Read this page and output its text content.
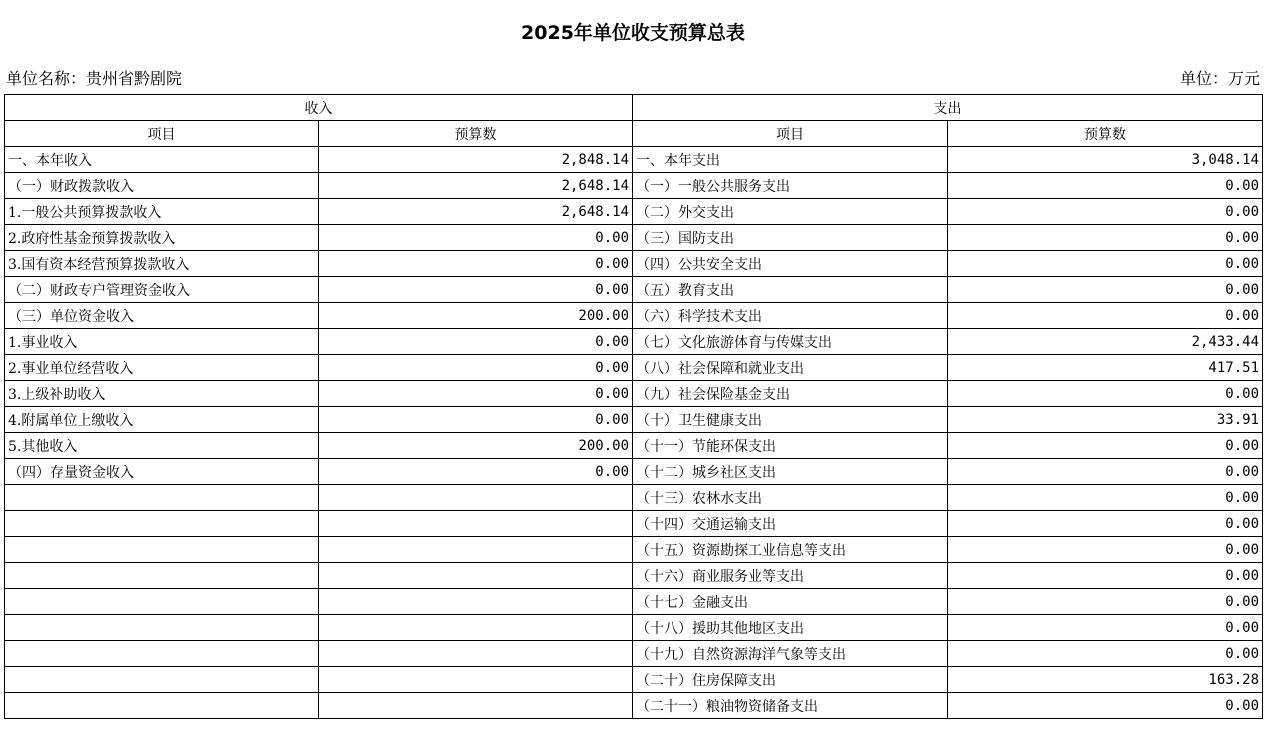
2025年单位收支预算总表
单位名称：贵州省黔剧院	单位：万元
收入		支出	
项目	预算数	项目	预算数
一、本年收入	2,848.14	一、本年支出	3,048.14
（一）财政拨款收入	2,648.14	（一）一般公共服务支出	0.00
1.一般公共预算拨款收入	2,648.14	（二）外交支出	0.00
2.政府性基金预算拨款收入	0.00	（三）国防支出	0.00
3.国有资本经营预算拨款收入	0.00	（四）公共安全支出	0.00
（二）财政专户管理资金收入	0.00	（五）教育支出	0.00
（三）单位资金收入	200.00	（六）科学技术支出	0.00
1.事业收入	0.00	（七）文化旅游体育与传媒支出	2,433.44
2.事业单位经营收入	0.00	（八）社会保障和就业支出	417.51
3.上级补助收入	0.00	（九）社会保险基金支出	0.00
4.附属单位上缴收入	0.00	（十）卫生健康支出	33.91
5.其他收入	200.00	（十一）节能环保支出	0.00
（四）存量资金收入	0.00	（十二）城乡社区支出	0.00
		（十三）农林水支出	0.00
		（十四）交通运输支出	0.00
		（十五）资源勘探工业信息等支出	0.00
		（十六）商业服务业等支出	0.00
		（十七）金融支出	0.00
		（十八）援助其他地区支出	0.00
		（十九）自然资源海洋气象等支出	0.00
		（二十）住房保障支出	163.28
		（二十一）粮油物资储备支出	0.00
